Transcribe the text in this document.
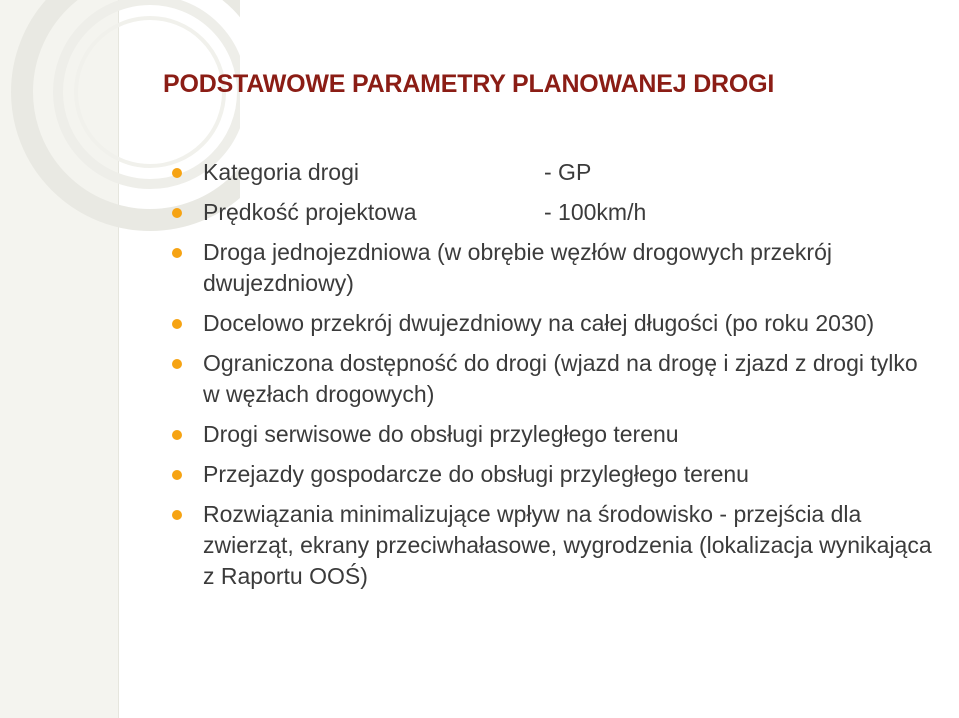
PODSTAWOWE PARAMETRY PLANOWANEJ DROGI
Kategoria drogi	- GP
Prędkość projektowa	- 100km/h
Droga jednojezdniowa (w obrębie węzłów drogowych przekrój dwujezdniowy)
Docelowo przekrój dwujezdniowy na całej długości (po roku 2030)
Ograniczona dostępność do drogi (wjazd na drogę i zjazd z drogi tylko w węzłach drogowych)
Drogi serwisowe do obsługi przyległego terenu
Przejazdy gospodarcze do obsługi przyległego terenu
Rozwiązania minimalizujące wpływ na środowisko - przejścia dla zwierząt, ekrany przeciwhałasowe, wygrodzenia (lokalizacja wynikająca z Raportu OOŚ)
